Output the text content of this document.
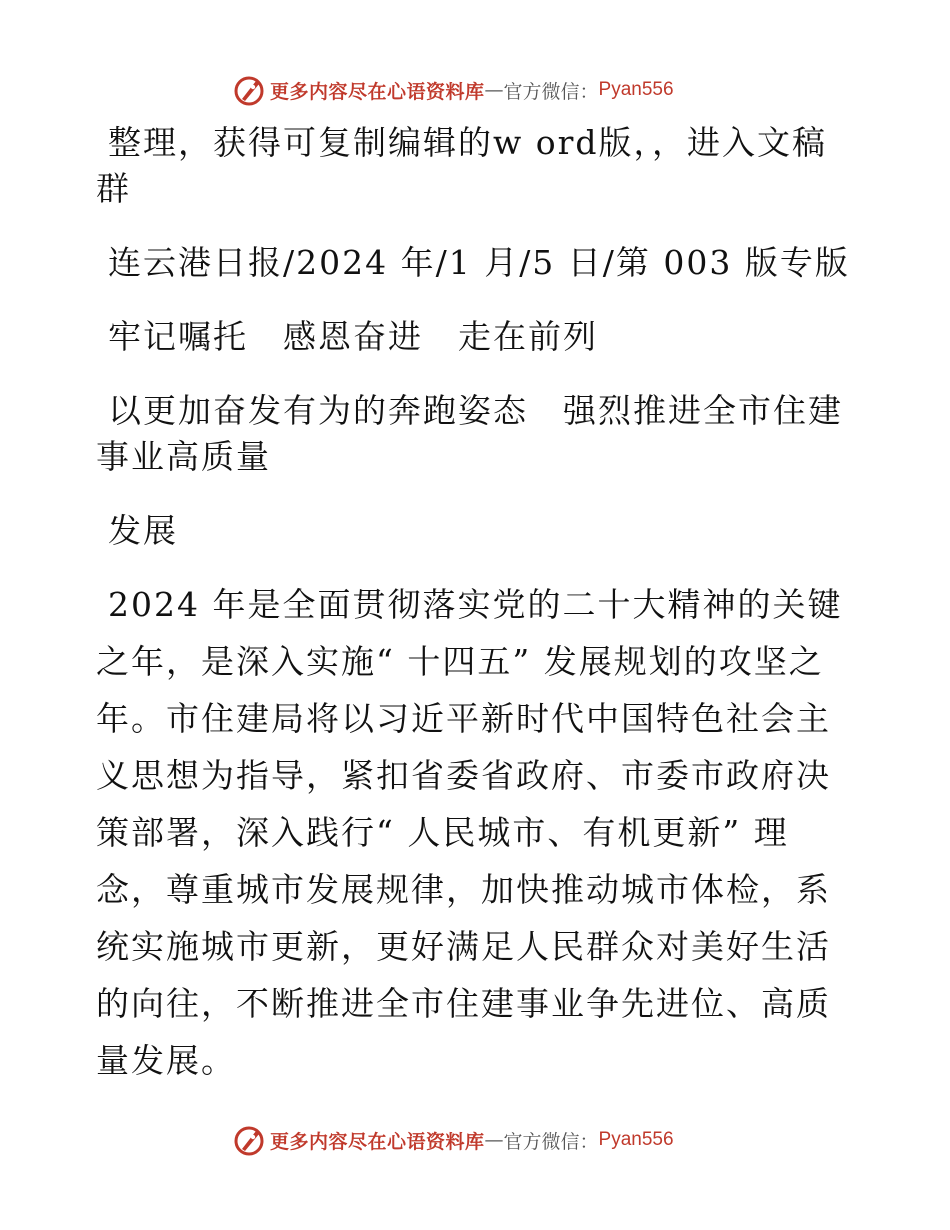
更多内容尽在心语资料库 — 官方微信： Pyan556

整理，获得可复制编辑的w ord版，，进入文稿群

连云港日报/2024 年/1 月/5 日/第 003 版专版

牢记嘱托　感恩奋进　走在前列

以更加奋发有为的奔跑姿态　强烈推进全市住建事业高质量

发展

2024 年是全面贯彻落实党的二十大精神的关键之年，是深入实施“ 十四五” 发展规划的攻坚之年。市住建局将以习近平新时代中国特色社会主义思想为指导，紧扣省委省政府、市委市政府决策部署，深入践行“ 人民城市、有机更新” 理念，尊重城市发展规律，加快推动城市体检，系统实施城市更新，更好满足人民群众对美好生活的向往，不断推进全市住建事业争先进位、高质量发展。

更多内容尽在心语资料库 — 官方微信： Pyan556
